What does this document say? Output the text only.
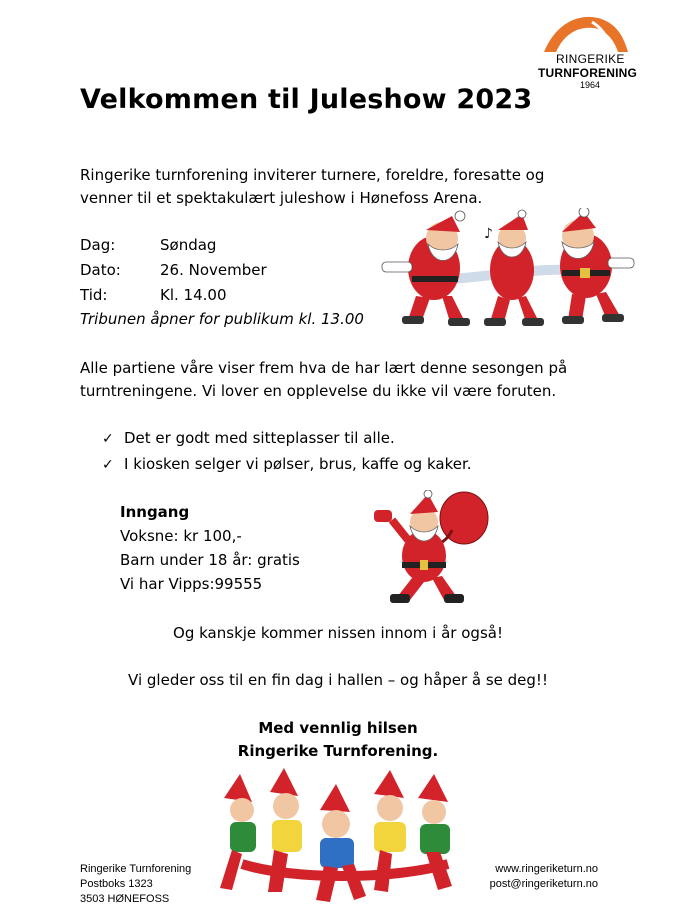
RINGERIKE
TURNFORENING
1964
Velkommen til Juleshow 2023
Ringerike turnforening inviterer turnere, foreldre, foresatte og
venner til et spektakulært juleshow i Hønefoss Arena.
Dag:	Søndag
Dato:	26. November
Tid:	Kl. 14.00
Tribunen åpner for publikum kl. 13.00
♪
Alle partiene våre viser frem hva de har lært denne sesongen på
turntreningene. Vi lover en opplevelse du ikke vil være foruten.
✓ Det er godt med sitteplasser til alle.
✓ I kiosken selger vi pølser, brus, kaffe og kaker.
Inngang
Voksne: kr 100,-
Barn under 18 år: gratis
Vi har Vipps:99555
Og kanskje kommer nissen innom i år også!
Vi gleder oss til en fin dag i hallen – og håper å se deg!!
Med vennlig hilsen
Ringerike Turnforening.
Ringerike Turnforening
Postboks 1323
3503 HØNEFOSS
www.ringeriketurn.no
post@ringeriketurn.no
